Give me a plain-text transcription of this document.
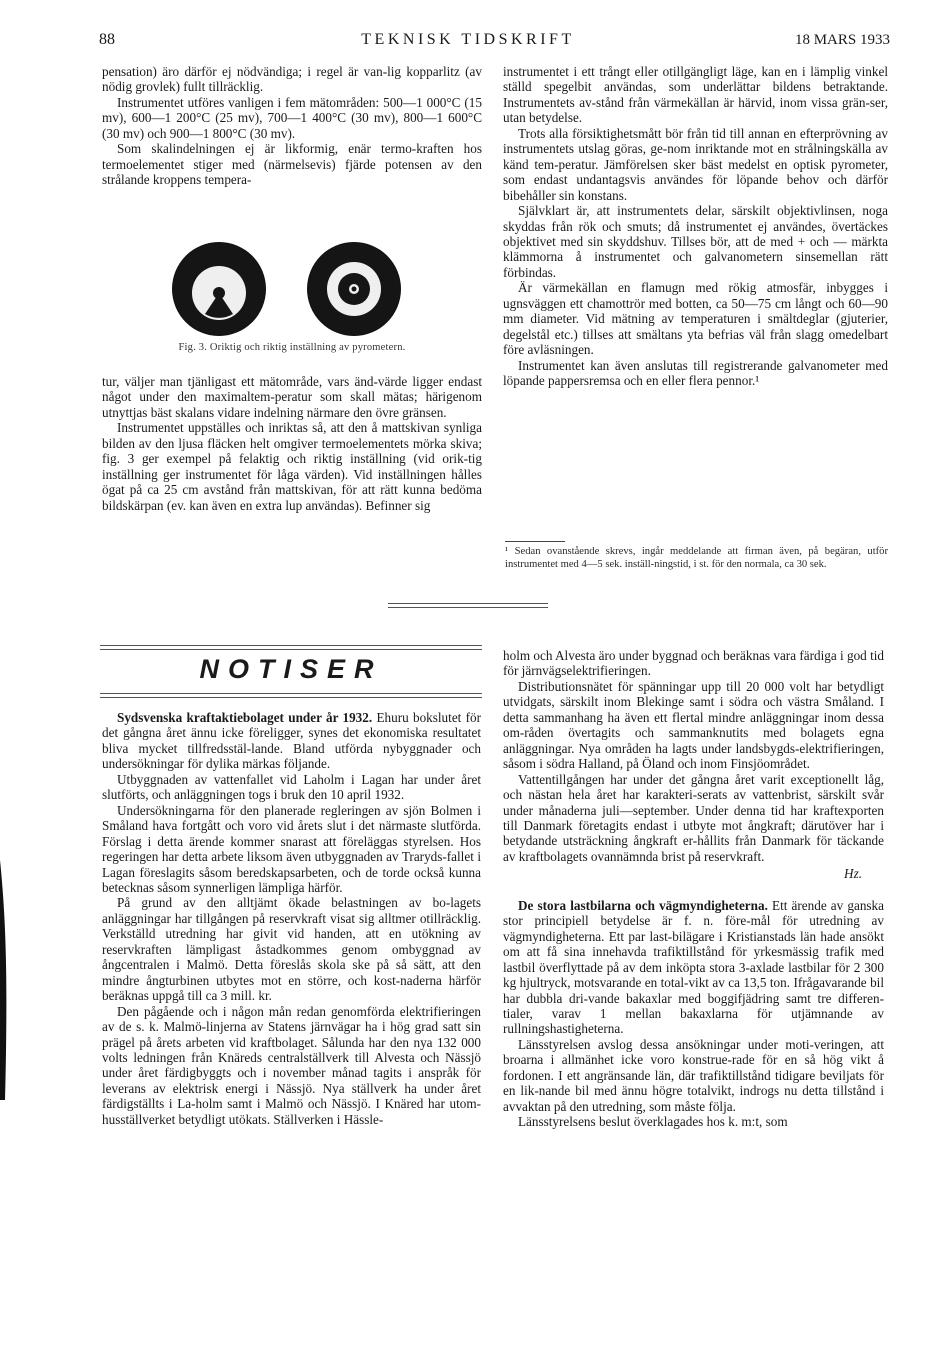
88	TEKNISK TIDSKRIFT	18 MARS 1933

pensation) äro därför ej nödvändiga; i regel är van-lig kopparlitz (av nödig grovlek) fullt tillräcklig.

Instrumentet utföres vanligen i fem mätområden: 500—1 000°C (15 mv), 600—1 200°C (25 mv), 700—1 400°C (30 mv), 800—1 600°C (30 mv) och 900—1 800°C (30 mv).

Som skalindelningen ej är likformig, enär termo-kraften hos termoelementet stiger med (närmelsevis) fjärde potensen av den strålande kroppens tempera-

Fig. 3. Oriktig och riktig inställning av pyrometern.

tur, väljer man tjänligast ett mätområde, vars änd-värde ligger endast något under den maximaltem-peratur som skall mätas; härigenom utnyttjas bäst skalans vidare indelning närmare den övre gränsen.

Instrumentet uppställes och inriktas så, att den å mattskivan synliga bilden av den ljusa fläcken helt omgiver termoelementets mörka skiva; fig. 3 ger exempel på felaktig och riktig inställning (vid orik-tig inställning ger instrumentet för låga värden). Vid inställningen hålles ögat på ca 25 cm avstånd från mattskivan, för att rätt kunna bedöma bildskärpan (ev. kan även en extra lup användas). Befinner sig

instrumentet i ett trångt eller otillgängligt läge, kan en i lämplig vinkel ställd spegelbit användas, som underlättar bildens betraktande. Instrumentets av-stånd från värmekällan är härvid, inom vissa grän-ser, utan betydelse.

Trots alla försiktighetsmått bör från tid till annan en efterprövning av instrumentets utslag göras, ge-nom inriktande mot en strålningskälla av känd tem-peratur. Jämförelsen sker bäst medelst en optisk pyrometer, som endast undantagsvis användes för löpande behov och därför bibehåller sin konstans.

Självklart är, att instrumentets delar, särskilt objektivlinsen, noga skyddas från rök och smuts; då instrumentet ej användes, övertäckes objektivet med sin skyddshuv. Tillses bör, att de med + och — märkta klämmorna å instrumentet och galvanometern sinsemellan rätt förbindas.

Är värmekällan en flamugn med rökig atmosfär, inbygges i ugnsväggen ett chamottrör med botten, ca 50—75 cm långt och 60—90 mm diameter. Vid mätning av temperaturen i smältdeglar (gjuterier, degelstål etc.) tillses att smältans yta befrias väl från slagg omedelbart före avläsningen.

Instrumentet kan även anslutas till registrerande galvanometer med löpande pappersremsa och en eller flera pennor.¹

¹ Sedan ovanstående skrevs, ingår meddelande att firman även, på begäran, utför instrumentet med 4—5 sek. inställ-ningstid, i st. för den normala, ca 30 sek.
NOTISER

Sydsvenska kraftaktiebolaget under år 1932. Ehuru bokslutet för det gångna året ännu icke föreligger, synes det ekonomiska resultatet bliva mycket tillfredsstäl-lande. Bland utförda nybyggnader och undersökningar för dylika märkas följande.

Utbyggnaden av vattenfallet vid Laholm i Lagan har under året slutförts, och anläggningen togs i bruk den 10 april 1932.

Undersökningarna för den planerade regleringen av sjön Bolmen i Småland hava fortgått och voro vid årets slut i det närmaste slutförda. Förslag i detta ärende kommer snarast att föreläggas styrelsen. Hos regeringen har detta arbete liksom även utbyggnaden av Traryds-fallet i Lagan föreslagits såsom beredskapsarbeten, och de torde också kunna betecknas såsom synnerligen lämpliga härför.

På grund av den alltjämt ökade belastningen av bo-lagets anläggningar har tillgången på reservkraft visat sig alltmer otillräcklig. Verkställd utredning har givit vid handen, att en utökning av reservkraften lämpligast åstadkommes genom ombyggnad av ångcentralen i Malmö. Detta föreslås skola ske på så sätt, att den mindre ångturbinen utbytes mot en större, och kost-naderna härför beräknas uppgå till ca 3 mill. kr.

Den pågående och i någon mån redan genomförda elektrifieringen av de s. k. Malmö-linjerna av Statens järnvägar ha i hög grad satt sin prägel på årets arbeten vid kraftbolaget. Sålunda har den nya 132 000 volts ledningen från Knäreds centralställverk till Alvesta och Nässjö under året färdigbyggts och i november månad tagits i anspråk för leverans av elektrisk energi i Nässjö. Nya ställverk ha under året färdigställts i La-holm samt i Malmö och Nässjö. I Knäred har utom-husställverket betydligt utökats. Ställverken i Hässle-

holm och Alvesta äro under byggnad och beräknas vara färdiga i god tid för järnvägselektrifieringen.

Distributionsnätet för spänningar upp till 20 000 volt har betydligt utvidgats, särskilt inom Blekinge samt i södra och västra Småland. I detta sammanhang ha även ett flertal mindre anläggningar inom dessa om-råden övertagits och sammanknutits med bolagets egna anläggningar. Nya områden ha lagts under landsbygds-elektrifieringen, såsom i södra Halland, på Öland och inom Finsjöområdet.

Vattentillgången har under det gångna året varit exceptionellt låg, och nästan hela året har karakteri-serats av vattenbrist, särskilt svår under månaderna juli—september. Under denna tid har kraftexporten till Danmark företagits endast i utbyte mot ångkraft; därutöver har i betydande utsträckning ångkraft er-hållits från Danmark för täckande av kraftbolagets ovannämnda brist på reservkraft.

Hz.

De stora lastbilarna och vägmyndigheterna. Ett ärende av ganska stor principiell betydelse är f. n. före-mål för utredning av vägmyndigheterna. Ett par last-bilägare i Kristianstads län hade ansökt om att få sina innehavda trafiktillstånd för yrkesmässig trafik med lastbil överflyttade på av dem inköpta stora 3-axlade lastbilar för 2 300 kg hjultryck, motsvarande en total-vikt av ca 13,5 ton. Ifrågavarande bil har dubbla dri-vande bakaxlar med boggifjädring samt tre differen-tialer, varav 1 mellan bakaxlarna för utjämnande av rullningshastigheterna.

Länsstyrelsen avslog dessa ansökningar under moti-veringen, att broarna i allmänhet icke voro konstrue-rade för en så hög vikt å fordonen. I ett angränsande län, där trafiktillstånd tidigare beviljats för en lik-nande bil med ännu högre totalvikt, indrogs nu detta tillstånd i avvaktan på den utredning, som måste följa.

Länsstyrelsens beslut överklagades hos k. m:t, som
